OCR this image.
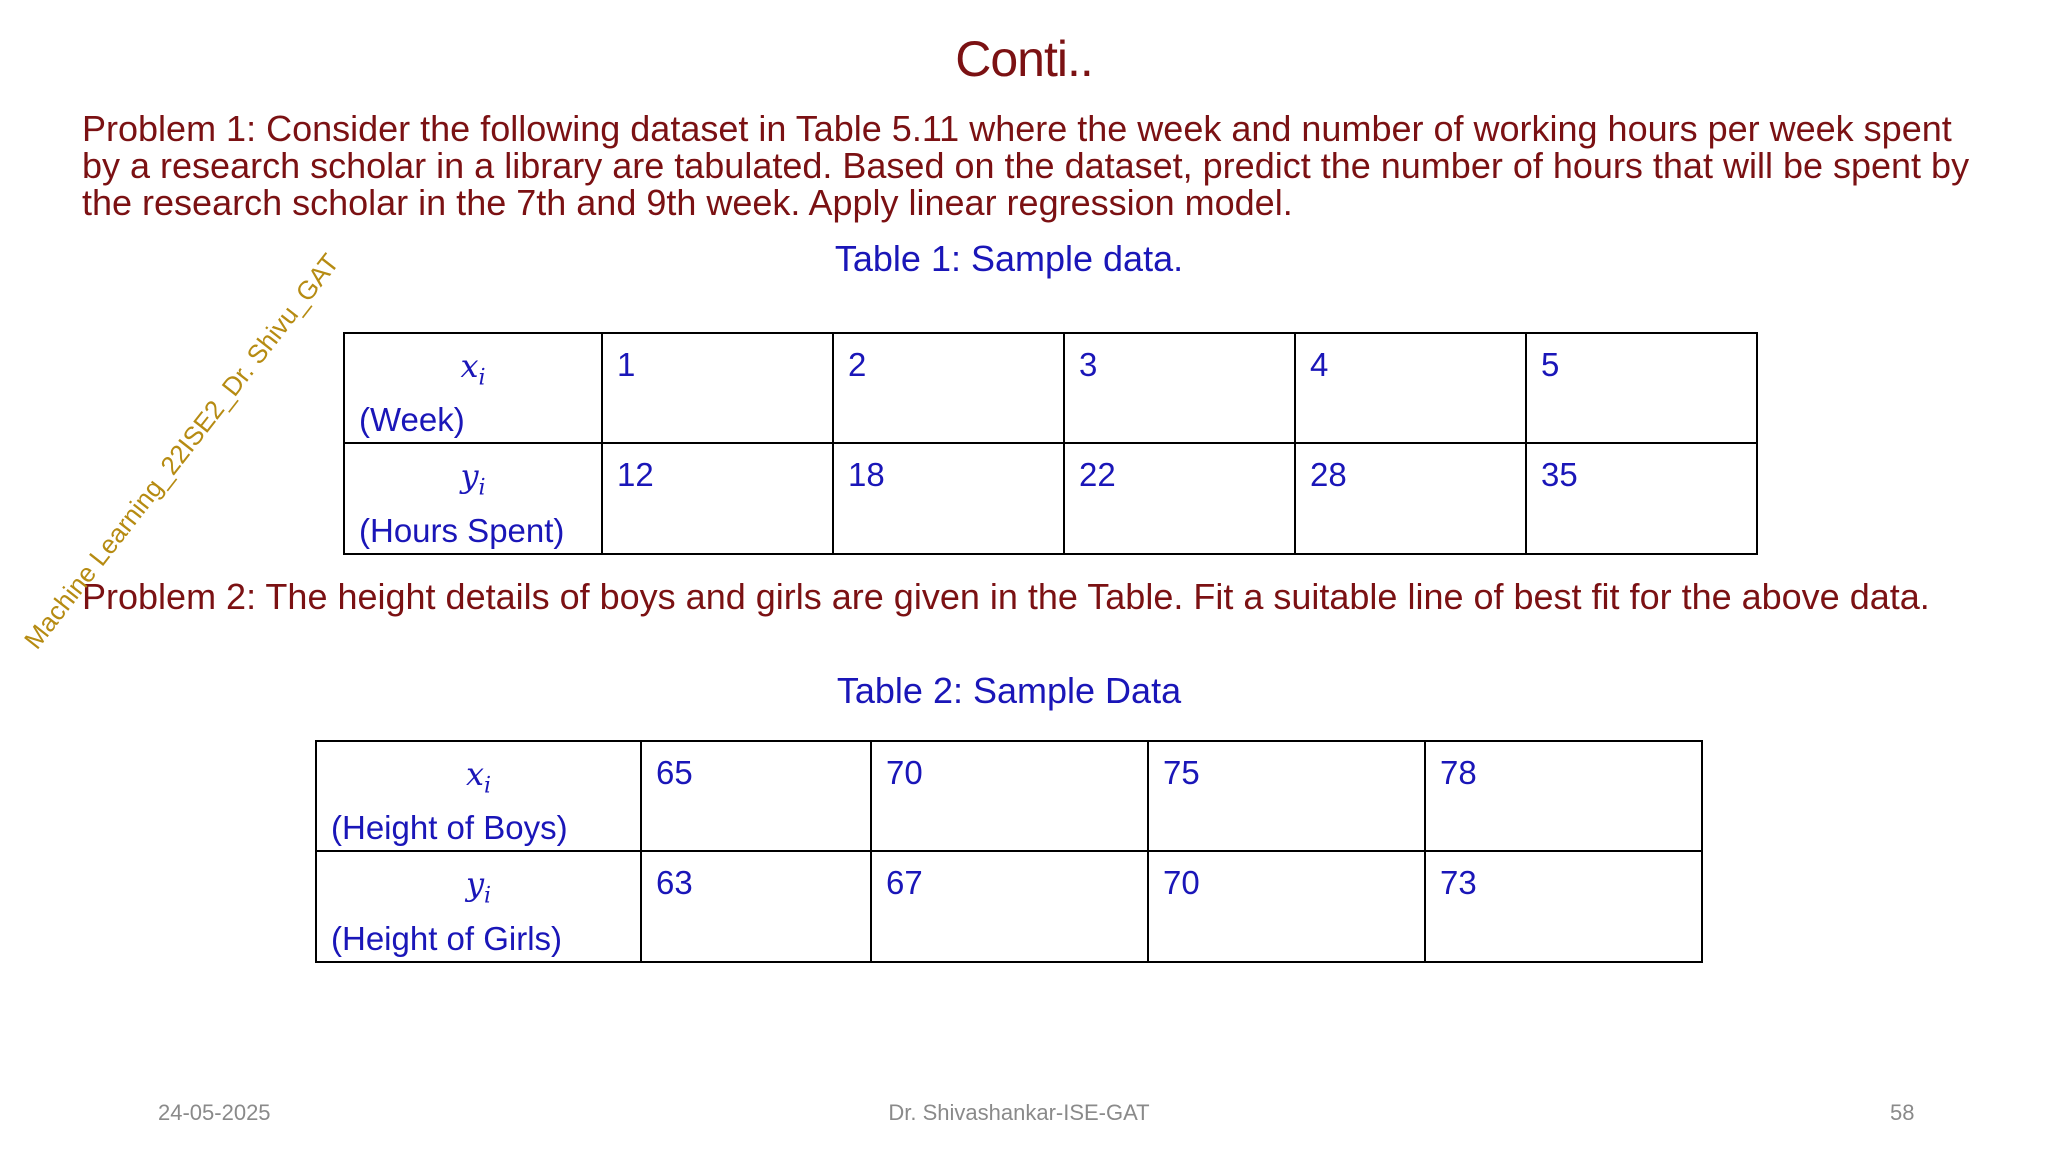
Conti..
Problem 1: Consider the following dataset in Table 5.11 where the week and number of working hours per week spent by a research scholar in a library are tabulated. Based on the dataset, predict the number of hours that will be spent by the research scholar in the 7th and 9th week. Apply linear regression model.
Table 1: Sample data.
$x_i$
(Week)	1	2	3	4	5

$y_i$
(Hours Spent)	12	18	22	28	35
Problem 2: The height details of boys and girls are given in the Table. Fit a suitable line of best fit for the above data.
Table 2: Sample Data
$x_i$
(Height of Boys)	65	70	75	78

$y_i$
(Height of Girls)	63	67	70	73
Machine Learning_22ISE2_Dr. Shivu_GAT
24-05-2025	Dr. Shivashankar-ISE-GAT	58
